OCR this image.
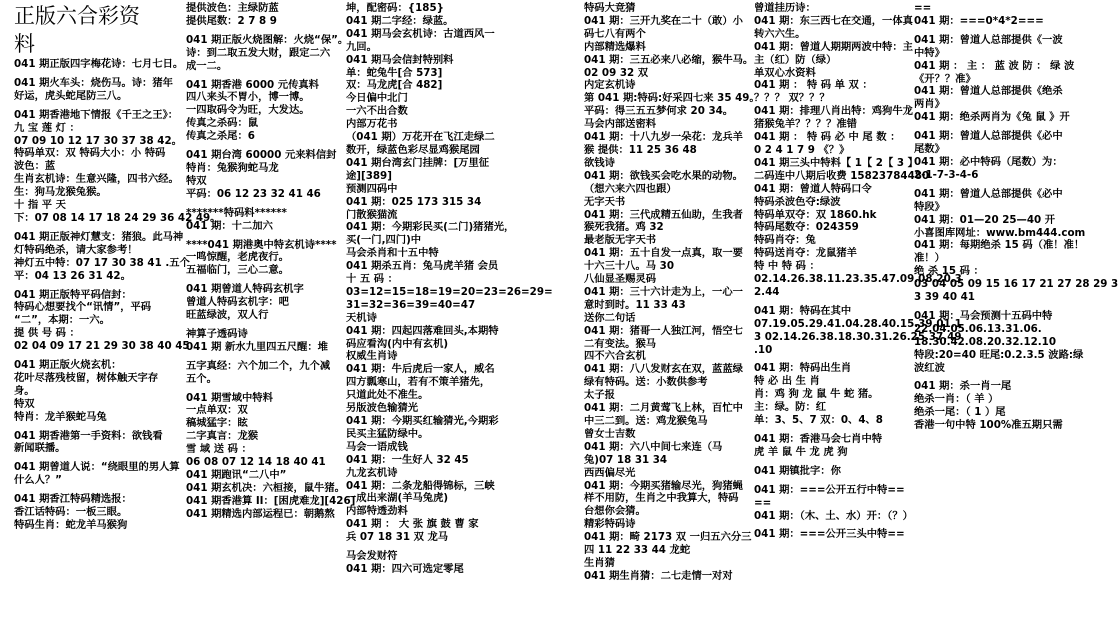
正版六合彩资
料
041 期正版四字梅花诗：七月七日。
041 期火车头：烧伤马。诗：猪年
好运，虎头蛇尾防三八。
041 期香港地下情报《千王之王》：
九 宝 莲 灯 ：
07 09 10 12 17 30 37 38 42。
特码单双：双 特码大小：小 特码
波色：蓝
生肖玄机诗：生意兴隆，四书六经。
生：狗马龙猴兔猴。
十 指 平 天
下：07 08 14 17 18 24 29 36 42 49。
041 期正版神灯慧支：猪狼。此马神
灯特码绝杀，请大家参考！
神灯五中特：07 17 30 38 41 .五个
平：04 13 26 31 42。
041 期正版特平码信封：
特码心想要找个“讯情”，平码
“二”，本期：一六。
提 供 号 码 ：
02 04 09 17 21 29 30 38 40 45
041 期正版火烧玄机：
花叶尽落残枝留，树体触天字存
身。
特双
特肖：龙羊猴蛇马兔
041 期香港第一手资料：欲钱看
新闻联播。
041 期曾道人说：“绕眼里的男人算
什么人？”
041 期香江特码精选报：
香江话特码：一板三眼。
特码生肖：蛇龙羊马猴狗
提供波色：主绿防蓝
提供尾数：2 7 8 9
041 期正版火烧图解：火烧“保”。
诗：到二取五发大财，跟定二六
成一二。
041 期香港 6000 元传真料
四八来头不胃小，博一博。
一四取码令为旺，大发达。
传真之杀码：鼠
传真之杀尾：6
041 期台湾 60000 元来料信封
特肖：兔猴狗蛇马龙
特双
平码：06 12 23 32 41 46
*******特码料******
041 期：十二加六
****041 期港奥中特玄机诗****
一鸣惊醒，老虎夜行。
五福临门，三心二意。
041 期曾道人特码玄机字
曾道人特码玄机字：吧
旺蓝绿波，双人行
神算子透码诗
041 期 新水九里四五尺醒：堆
五字真经：六个加二个，九个减
五个。
041 期雪域中特料
一点单双：双
稿城猛字：眩
二字真言：龙猴
雪 域 送 码 ：
06 08 07 12 14 18 40 41
041 期跑讯“二八中”
041 期玄机决：六桓接，鼠牛猪。
041 期香港算 II：[困虎难龙][426]
041 期精选内部运程已：朝鹅熬
坤，配密码：{185}
041 期二字经：绿蓝。
041 期马会玄机诗：古道西风一
九回。
041 期马会信封特别料
单：蛇兔牛[合 573]
双：马龙虎[合 482]
今日偏中北门
一六不出合数
内部万花书
（041 期）万花开在飞江走绿二
数开，绿蓝色彩尽显鸡猴尾园
041 期台湾玄门挂牌：[万里征
途][389]
预测四码中
041 期：025 173 315 34
门散猴猫流
041 期：今期彩民买(二门)猪猪光，
买(一门,四门)中
马会杀肖和十五中特
041 期杀五肖：兔马虎羊猪 会员
十 五 码 ：
03=12=15=18=19=20=23=26=29=
31=32=36=39=40=47
天机诗
041 期：四起四落难回头,本期特
码应看沟(内中有玄机)
权威生肖诗
041 期：牛后虎后一家人，威名
四方瓢寒山，若有不策羊猪先，
只道此处不准生。
另版波色输猜光
041 期：今期买红输猜光,今期彩
民买主猛防绿中。
马会一语成钱
041 期：一生好人 32 45
九龙玄机诗
041 期：二条龙船得锦标，三峡
一成出来湖(羊马兔虎)
内部特透劲料
041 期 ： 大 张 旗 鼓 曹 家
兵 07 18 31 双 龙马
马会发财符
041 期：四六可选定零尾
特码大竞猜
041 期：三开九奖在二十（敢）小
码七八有两个
内部精选爆料
041 期：三五必来八必缩，猴牛马。
02 09 32 双
内定玄机诗
第 041 期:特码:好采四七来 35 49。
平码：得三五五梦何求 20 34。
马会内部送密料
041 期：十八九岁一朵花：龙兵羊
猴 提供：11 25 36 48
欲钱诗
041 期：欲钱买会吃水果的动物。
（想六来六四也跟）
无字天书
041 期：三代成精五仙助，生我者
猴死我猪。鸡 32
最老版无字天书
041 期：五十自发一点真，取一要
十六三十八。马 30
八仙显圣赐灵码
041 期：三十六计走为上，一心一
意时到时。11 33 43
送你二句话
041 期：猪哥一人独江河，悟空七
二有变法。猴马
四不六合玄机
041 期：八八发财玄在双，蓝蓝绿
绿有特码。送：小数供参考
太子报
041 期：二月黄莺飞上林，百忙中
中三二到。送：鸡龙猴兔马
曾女士吉数
041 期：六八中间七来连（马
兔)07 18 31 34
西西偏尽光
041 期：今期买猪输尽光，狗猪蝇
样不用防，生肖之中我算大，特码
台想你会猜。
精彩特码诗
041 期：畸 2173 双 一归五六分三
四 11 22 33 44 龙蛇
生肖猜
041 期生肖猜：二七走情一对对
曾道挂历诗：
041 期：东三西七在交通，一体真
转六六生。
041 期：曾道人期期两波中特：主
主（红）防（绿）
单双心水资料
041 期 ： 特 码 单 双 ：
？？？ 双？？？
041 期：排理八肖出特：鸡狗牛龙
猪猴兔羊？？？？准错
041 期 ： 特 码 必 中 尾 数 ：
0 2 4 1 7 9 《？》
041 期三头中特料【 1【 2【 3 】
二码连中八期后收费 15823784480
041 期：曾道人特码口令
特码杀波色夺:绿波
特码单双夺：双 1860.hk
特码尾数夺：024359
特码肖夺：兔
特码送肖夺：龙鼠猪羊
特 中 特 码 ：
02.14.26.38.11.23.35.47.09.08.20.3
2.44
041 期：特码在其中
07.19.05.29.41.04.28.40.15.39.01.1
3 02.14.26.38.18.30.31.26.25.37.49
.10
041 期：特码出生肖
特 必 出 生 肖
肖：鸡 狗 龙 鼠 牛 蛇 猪。
主：绿。防：红
单：3、5、7 双：0、4、8
041 期：香港马会七肖中特
虎 羊 鼠 牛 龙 虎 狗
041 期镇批字：你
041 期：===公开五行中特==
==
041 期：（木、土、水）开：（？）
041 期：===公开三头中特==
==
041 期：===0*4*2===
041 期：曾道人总部提供《一波
中特》
041 期 ： 主 ： 蓝 波 防 ： 绿 波
《开？？准》
041 期：曾道人总部提供《绝杀
两肖》
041 期：绝杀两肖为《兔 鼠 》开
041 期：曾道人总部提供《必中
尾数》
041 期：必中特码（尾数）为：
2-1-7-3-4-6
041 期：曾道人总部提供《必中
特段》
041 期：01—20 25—40 开
小喜图库网址：www.bm444.com
041 期：每期绝杀 15 码（准！准！
准！）
绝 杀 15 码 ：
03 04 05 09 15 16 17 21 27 28 29 3
3 39 40 41
041 期：马会预测十五码中特
22.04.05.06.13.31.06.
18.30.42.08.20.32.12.10
特段:20=40 旺尾:0.2.3.5 波路:绿
波红波
041 期：杀一肖一尾
绝杀一肖：（ 羊 ）
绝杀一尾：（ 1 ）尾
香港一句中特 100%准五期只需
